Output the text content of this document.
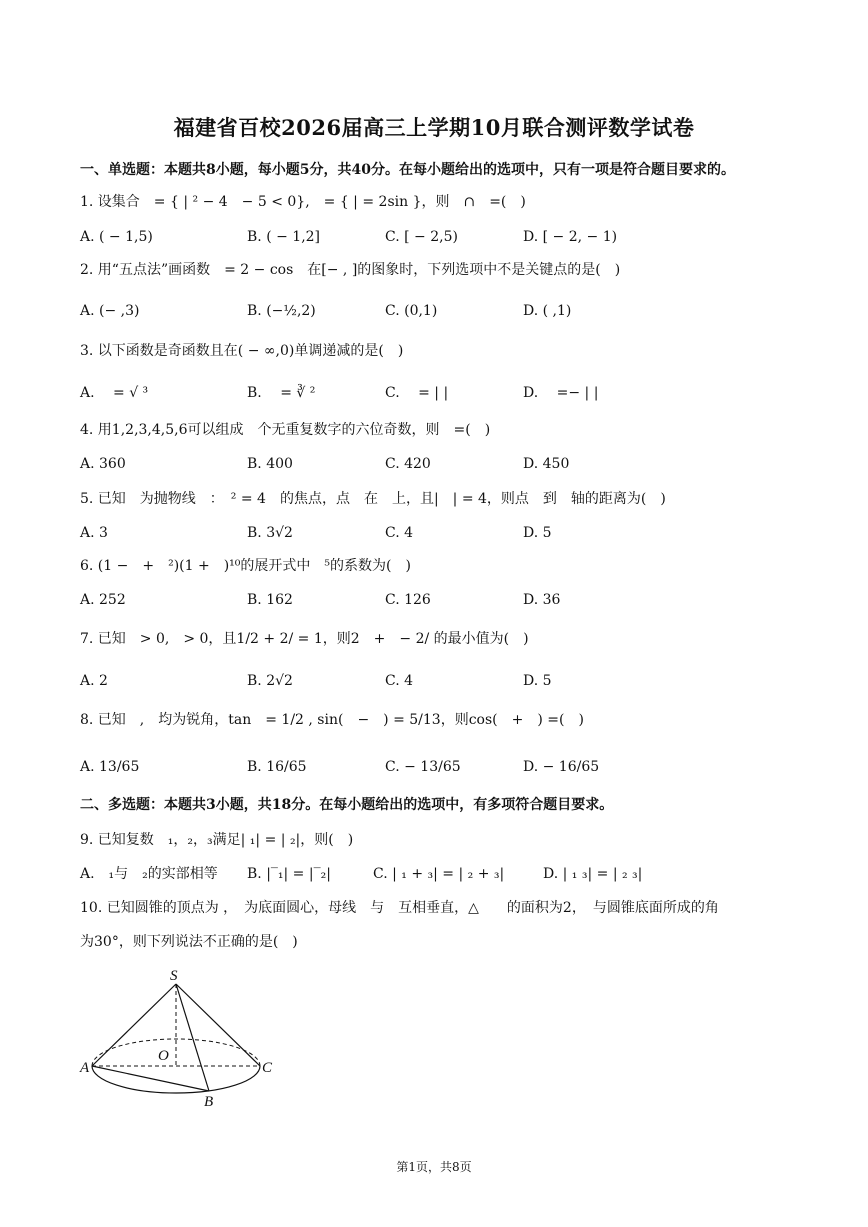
福建省百校2026届高三上学期10月联合测评数学试卷
一、单选题：本题共8小题，每小题5分，共40分。在每小题给出的选项中，只有一项是符合题目要求的。
1. 设集合　= { | ² − 4　− 5 < 0},　= { | = 2sin }，则　∩　=(　)
A. ( − 1,5)	B. ( − 1,2]	C. [ − 2,5)	D. [ − 2, − 1)
2. 用“五点法”画函数　= 2 − cos　在[− , ]的图象时，下列选项中不是关键点的是(　)
A. (− ,3)	B. (−½,2)	C. (0,1)	D. ( ,1)
3. 以下函数是奇函数且在( − ∞,0)单调递减的是(　)
A. 　= √ ³	B. 　= ∛ ²	C. 　= | |	D. 　=− | |
4. 用1,2,3,4,5,6可以组成　个无重复数字的六位奇数，则　=(　)
A. 360	B. 400	C. 420	D. 450
5. 已知　为抛物线　：　² = 4　的焦点，点　在　上，且|　| = 4，则点　到　轴的距离为(　)
A. 3	B. 3√2	C. 4	D. 5
6. (1 −　+　²)(1 +　)¹⁰的展开式中　⁵的系数为(　)
A. 252	B. 162	C. 126	D. 36
7. 已知　> 0,　> 0，且1/2 + 2/ = 1，则2　+　− 2/ 的最小值为(　)
A. 2	B. 2√2	C. 4	D. 5
8. 已知　,　均为锐角，tan　= 1/2 , sin(　−　) = 5/13，则cos(　+　) =(　)
A. 13/65	B. 16/65	C. − 13/65	D. − 16/65
二、多选题：本题共3小题，共18分。在每小题给出的选项中，有多项符合题目要求。
9. 已知复数　₁，₂，₃满足| ₁| = | ₂|，则(　)
A.　₁与　₂的实部相等 B. |‾₁| = |‾₂|	C. | ₁ + ₃| = | ₂ + ₃|	D. | ₁ ₃| = | ₂ ₃|
10. 已知圆锥的顶点为 ，　为底面圆心，母线　与　互相垂直，△　　的面积为2，　与圆锥底面所成的角
为30°，则下列说法不正确的是(　)
S
O
A	C
B
第1页，共8页
